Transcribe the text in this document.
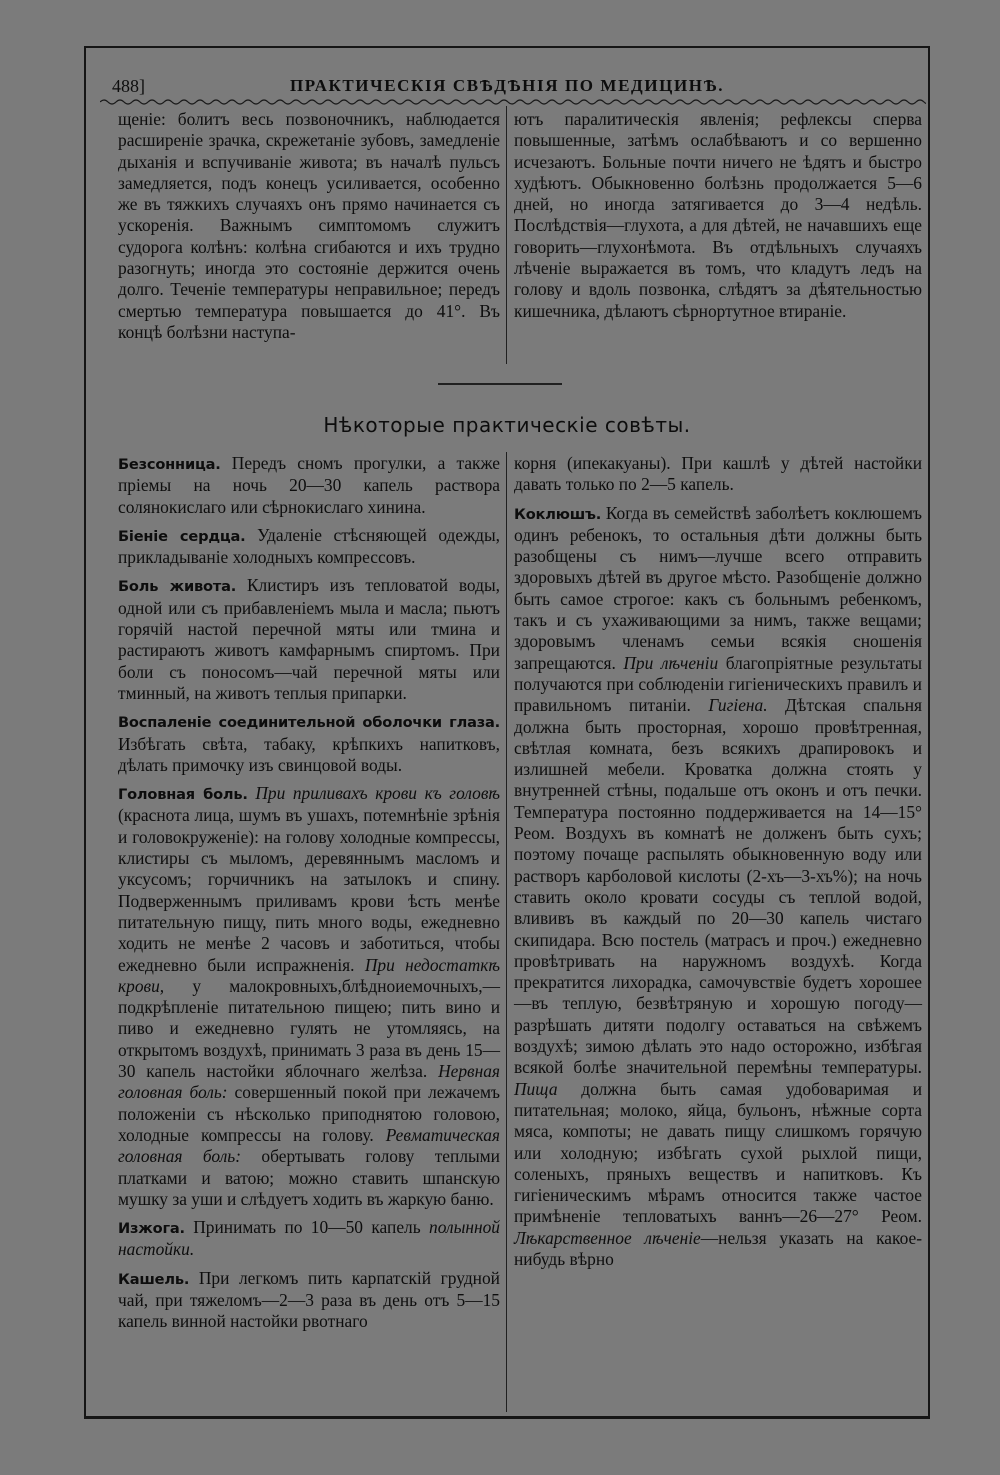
488]	ПРАКТИЧЕСКІЯ СВѢДѢНІЯ ПО МЕДИЦИНѢ.

щеніе: болитъ весь позвоночникъ, наблюдается расширеніе зрачка, скрежетаніе зубовъ, замедленіе дыханія и вспучиваніе живота; въ началѣ пульсъ замедляется, подъ конецъ усиливается, особенно же въ тяжкихъ случаяхъ онъ прямо начинается съ ускоренія. Важнымъ симптомомъ служитъ судорога колѣнъ: колѣна сгибаются и ихъ трудно разогнуть; иногда это состояніе держится очень долго. Теченіе температуры неправильное; передъ смертью температура повышается до 41°. Въ концѣ болѣзни наступа-

ютъ паралитическія явленія; рефлексы сперва повышенные, затѣмъ ослабѣваютъ и со вершенно исчезаютъ. Больные почти ничего не ѣдятъ и быстро худѣютъ. Обыкновенно болѣзнь продолжается 5—6 дней, но иногда затягивается до 3—4 недѣль. Послѣдствія—глухота, а для дѣтей, не начавшихъ еще говорить—глухонѣмота. Въ отдѣльныхъ случаяхъ лѣченіе выражается въ томъ, что кладутъ ледъ на голову и вдоль позвонка, слѣдятъ за дѣятельностью кишечника, дѣлаютъ сѣрнортутное втираніе.

Нѣкоторые практическіе совѣты.

Безсонница. Передъ сномъ прогулки, а также пріемы на ночь 20—30 капель раствора солянокислаго или сѣрнокислаго хинина.

Біеніе сердца. Удаленіе стѣсняющей одежды, прикладываніе холодныхъ компрессовъ.

Боль живота. Клистиръ изъ тепловатой воды, одной или съ прибавленіемъ мыла и масла; пьютъ горячій настой перечной мяты или тмина и растираютъ животъ камфарнымъ спиртомъ. При боли съ поносомъ—чай перечной мяты или тминный, на животъ теплыя припарки.

Воспаленіе соединительной оболочки глаза. Избѣгать свѣта, табаку, крѣпкихъ напитковъ, дѣлать примочку изъ свинцовой воды.

Головная боль. При приливахъ крови къ головѣ (краснота лица, шумъ въ ушахъ, потемнѣніе зрѣнія и головокруженіе): на голову холодные компрессы, клистиры съ мыломъ, деревяннымъ масломъ и уксусомъ; горчичникъ на затылокъ и спину. Подверженнымъ приливамъ крови ѣсть менѣе питательную пищу, пить много воды, ежедневно ходить не менѣе 2 часовъ и заботиться, чтобы ежедневно были испражненія. При недостаткѣ крови, у малокровныхъ,блѣдноиемочныхъ,—подкрѣпленіе питательною пищею; пить вино и пиво и ежедневно гулять не утомляясь, на открытомъ воздухѣ, принимать 3 раза въ день 15—30 капель настойки яблочнаго желѣза. Нервная головная боль: совершенный покой при лежачемъ положеніи съ нѣсколько приподнятою головою, холодные компрессы на голову. Ревматическая головная боль: обертывать голову теплыми платками и ватою; можно ставить шпанскую мушку за уши и слѣдуетъ ходить въ жаркую баню.

Изжога. Принимать по 10—50 капель полынной настойки.

Кашель. При легкомъ пить карпатскій грудной чай, при тяжеломъ—2—3 раза въ день отъ 5—15 капель винной настойки рвотнаго

корня (ипекакуаны). При кашлѣ у дѣтей настойки давать только по 2—5 капель.

Коклюшъ. Когда въ семействѣ заболѣетъ коклюшемъ одинъ ребенокъ, то остальныя дѣти должны быть разобщены съ нимъ—лучше всего отправить здоровыхъ дѣтей въ другое мѣсто. Разобщеніе должно быть самое строгое: какъ съ больнымъ ребенкомъ, такъ и съ ухаживающими за нимъ, также вещами; здоровымъ членамъ семьи всякія сношенія запрещаются. При лѣченіи благопріятные результаты получаются при соблюденіи гигіеническихъ правилъ и правильномъ питаніи. Гигіена. Дѣтская спальня должна быть просторная, хорошо провѣтренная, свѣтлая комната, безъ всякихъ драпировокъ и излишней мебели. Кроватка должна стоять у внутренней стѣны, подальше отъ оконъ и отъ печки. Температура постоянно поддерживается на 14—15° Реом. Воздухъ въ комнатѣ не долженъ быть сухъ; поэтому почаще распылять обыкновенную воду или растворъ карболовой кислоты (2-хъ—3-хъ%); на ночь ставить около кровати сосуды съ теплой водой, влививъ въ каждый по 20—30 капель чистаго скипидара. Всю постель (матрасъ и проч.) ежедневно провѣтривать на наружномъ воздухѣ. Когда прекратится лихорадка, самочувствіе будетъ хорошее—въ теплую, безвѣтряную и хорошую погоду—разрѣшать дитяти подолгу оставаться на свѣжемъ воздухѣ; зимою дѣлать это надо осторожно, избѣгая всякой болѣе значительной перемѣны температуры. Пища должна быть самая удобоваримая и питательная; молоко, яйца, бульонъ, нѣжные сорта мяса, компоты; не давать пищу слишкомъ горячую или холодную; избѣгать сухой рыхлой пищи, соленыхъ, пряныхъ веществъ и напитковъ. Къ гигіеническимъ мѣрамъ относится также частое примѣненіе тепловатыхъ ваннъ—26—27° Реом. Лѣкарственное лѣченіе—нельзя указать на какое-нибудь вѣрно
